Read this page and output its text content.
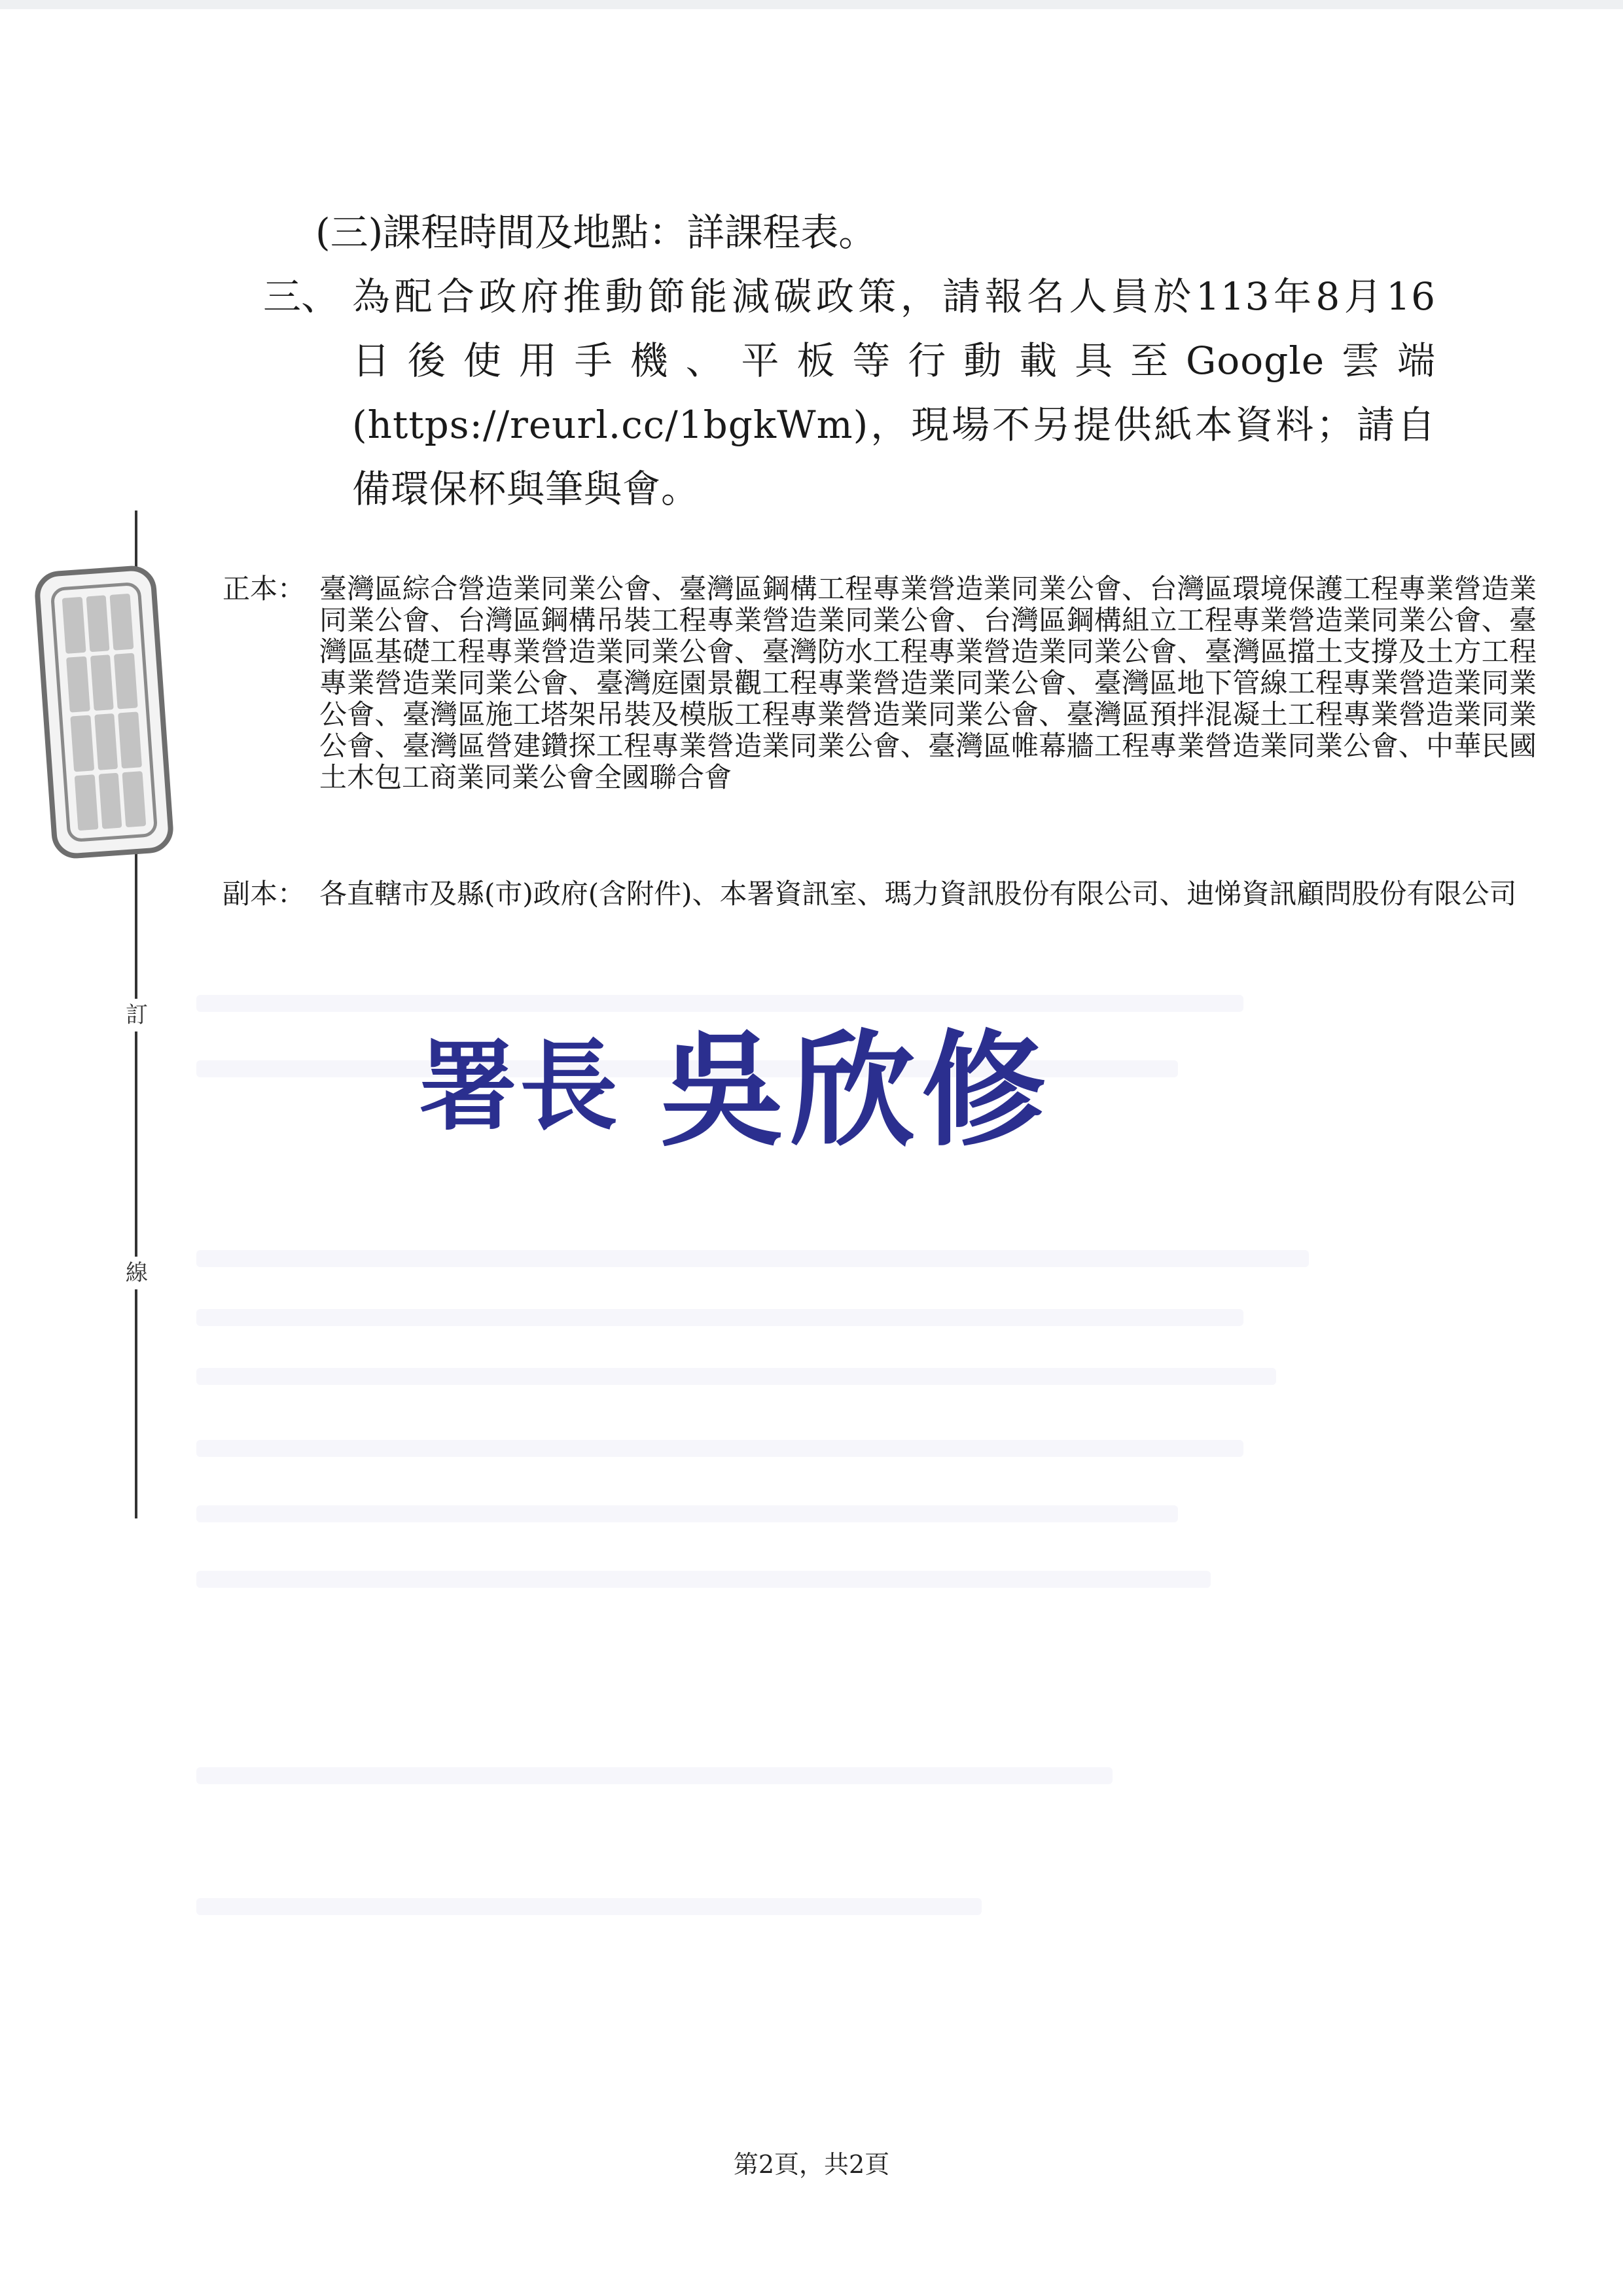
訂
線
(三)課程時間及地點：詳課程表。
三、 為配合政府推動節能減碳政策，請報名人員於113年8月16
日後使用手機、平板等行動載具至Google雲端
(https://reurl.cc/1bgkWm)，現場不另提供紙本資料；請自
備環保杯與筆與會。
正本： 臺灣區綜合營造業同業公會、臺灣區鋼構工程專業營造業同業公會、台灣區環境保護工程專業營造業同業公會、台灣區鋼構吊裝工程專業營造業同業公會、台灣區鋼構組立工程專業營造業同業公會、臺灣區基礎工程專業營造業同業公會、臺灣防水工程專業營造業同業公會、臺灣區擋土支撐及土方工程專業營造業同業公會、臺灣庭園景觀工程專業營造業同業公會、臺灣區地下管線工程專業營造業同業公會、臺灣區施工塔架吊裝及模版工程專業營造業同業公會、臺灣區預拌混凝土工程專業營造業同業公會、臺灣區營建鑽探工程專業營造業同業公會、臺灣區帷幕牆工程專業營造業同業公會、中華民國土木包工商業同業公會全國聯合會
副本： 各直轄市及縣(市)政府(含附件)、本署資訊室、瑪力資訊股份有限公司、迪悌資訊顧問股份有限公司
署長 吳欣修
第2頁，共2頁
